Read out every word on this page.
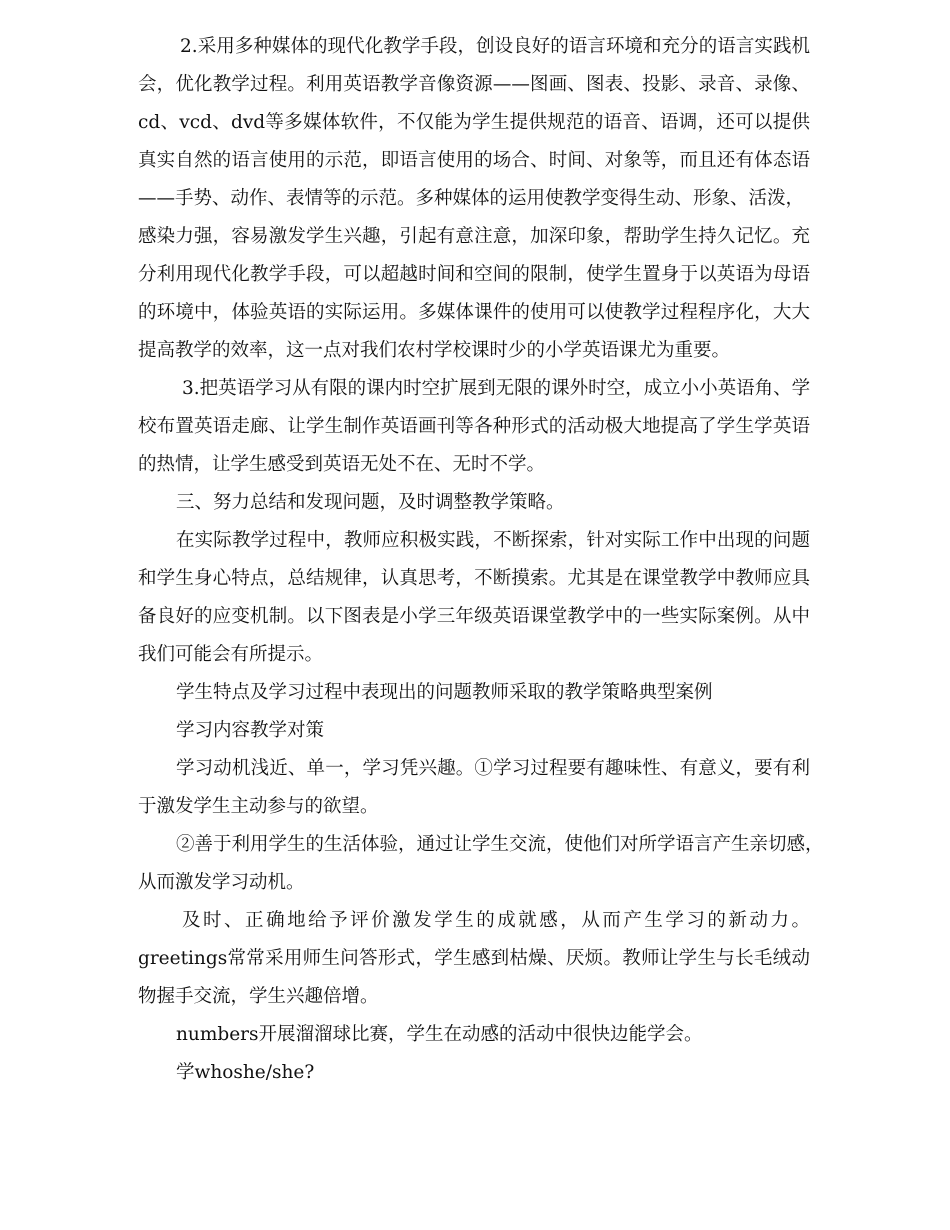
2.采用多种媒体的现代化教学手段，创设良好的语言环境和充分的语言实践机
会，优化教学过程。利用英语教学音像资源——图画、图表、投影、录音、录像、
cd、vcd、dvd等多媒体软件，不仅能为学生提供规范的语音、语调，还可以提供
真实自然的语言使用的示范，即语言使用的场合、时间、对象等，而且还有体态语
——手势、动作、表情等的示范。多种媒体的运用使教学变得生动、形象、活泼，
感染力强，容易激发学生兴趣，引起有意注意，加深印象，帮助学生持久记忆。充
分利用现代化教学手段，可以超越时间和空间的限制，使学生置身于以英语为母语
的环境中，体验英语的实际运用。多媒体课件的使用可以使教学过程程序化，大大
提高教学的效率，这一点对我们农村学校课时少的小学英语课尤为重要。
3.把英语学习从有限的课内时空扩展到无限的课外时空，成立小小英语角、学
校布置英语走廊、让学生制作英语画刊等各种形式的活动极大地提高了学生学英语
的热情，让学生感受到英语无处不在、无时不学。
三、努力总结和发现问题，及时调整教学策略。
在实际教学过程中，教师应积极实践，不断探索，针对实际工作中出现的问题
和学生身心特点，总结规律，认真思考，不断摸索。尤其是在课堂教学中教师应具
备良好的应变机制。以下图表是小学三年级英语课堂教学中的一些实际案例。从中
我们可能会有所提示。
学生特点及学习过程中表现出的问题教师采取的教学策略典型案例
学习内容教学对策
学习动机浅近、单一，学习凭兴趣。①学习过程要有趣味性、有意义，要有利
于激发学生主动参与的欲望。
②善于利用学生的生活体验，通过让学生交流，使他们对所学语言产生亲切感，
从而激发学习动机。
及时、正确地给予评价激发学生的成就感，从而产生学习的新动力。
greetings常常采用师生问答形式，学生感到枯燥、厌烦。教师让学生与长毛绒动
物握手交流，学生兴趣倍增。
numbers开展溜溜球比赛，学生在动感的活动中很快边能学会。
学whoshe/she?
